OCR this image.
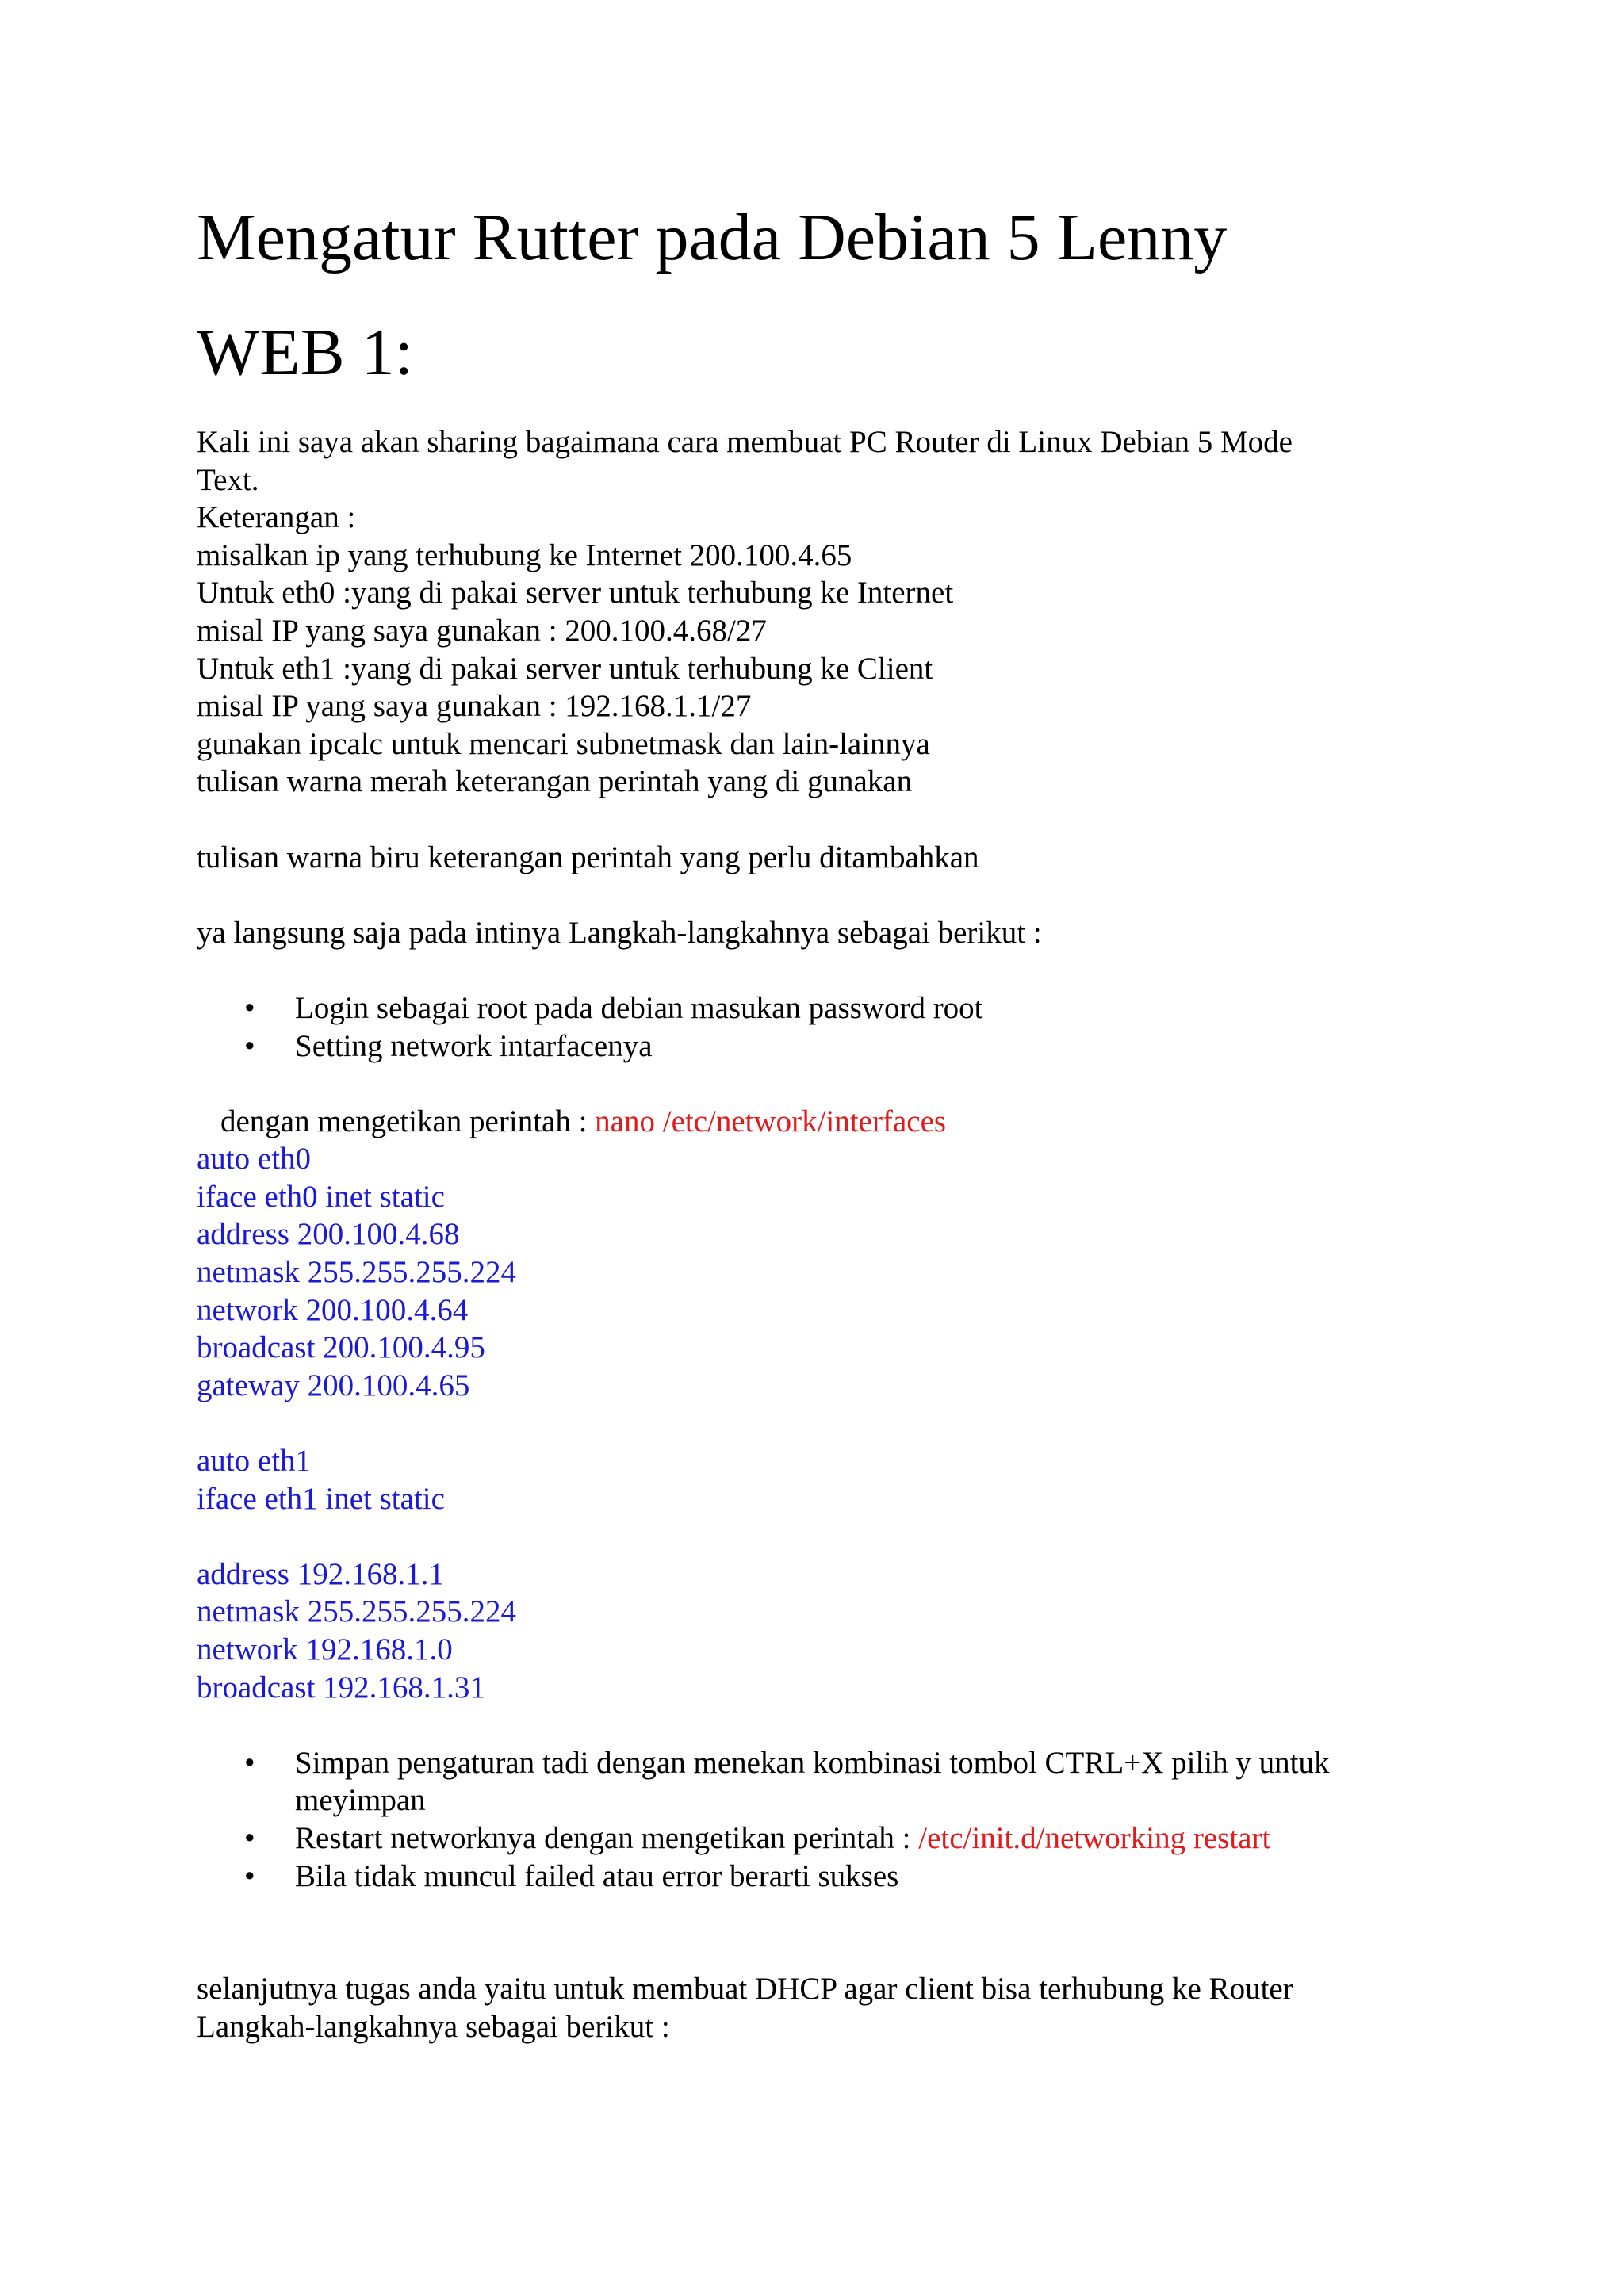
Mengatur Rutter pada Debian 5 Lenny
WEB 1:
Kali ini saya akan sharing bagaimana cara membuat PC Router di Linux Debian 5 Mode
Text.
Keterangan :
misalkan ip yang terhubung ke Internet 200.100.4.65
Untuk eth0 :yang di pakai server untuk terhubung ke Internet
misal IP yang saya gunakan : 200.100.4.68/27
Untuk eth1 :yang di pakai server untuk terhubung ke Client
misal IP yang saya gunakan : 192.168.1.1/27
gunakan ipcalc untuk mencari subnetmask dan lain-lainnya
tulisan warna merah keterangan perintah yang di gunakan
tulisan warna biru keterangan perintah yang perlu ditambahkan
ya langsung saja pada intinya Langkah-langkahnya sebagai berikut :
• Login sebagai root pada debian masukan password root
• Setting network intarfacenya
dengan mengetikan perintah : nano /etc/network/interfaces
auto eth0
iface eth0 inet static
address 200.100.4.68
netmask 255.255.255.224
network 200.100.4.64
broadcast 200.100.4.95
gateway 200.100.4.65
auto eth1
iface eth1 inet static
address 192.168.1.1
netmask 255.255.255.224
network 192.168.1.0
broadcast 192.168.1.31
• Simpan pengaturan tadi dengan menekan kombinasi tombol CTRL+X pilih y untuk meyimpan
• Restart networknya dengan mengetikan perintah : /etc/init.d/networking restart
• Bila tidak muncul failed atau error berarti sukses
selanjutnya tugas anda yaitu untuk membuat DHCP agar client bisa terhubung ke Router
Langkah-langkahnya sebagai berikut :
